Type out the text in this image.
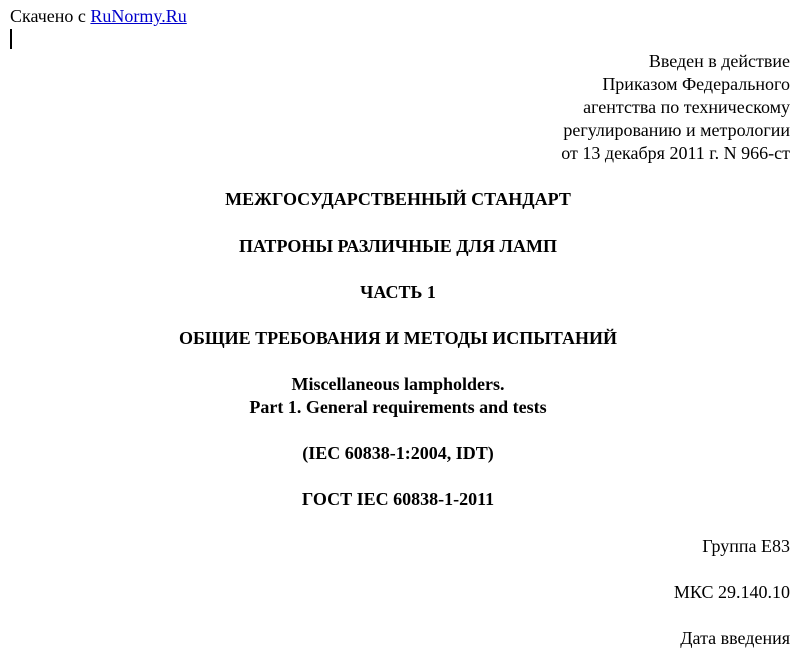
Скачено с RuNormy.Ru
Введен в действие
Приказом Федерального
агентства по техническому
регулированию и метрологии
от 13 декабря 2011 г. N 966-ст
МЕЖГОСУДАРСТВЕННЫЙ СТАНДАРТ
ПАТРОНЫ РАЗЛИЧНЫЕ ДЛЯ ЛАМП
ЧАСТЬ 1
ОБЩИЕ ТРЕБОВАНИЯ И МЕТОДЫ ИСПЫТАНИЙ
Miscellaneous lampholders.
Part 1. General requirements and tests
(IEC 60838-1:2004, IDT)
ГОСТ IEC 60838-1-2011
Группа Е83
МКС 29.140.10
Дата введения
